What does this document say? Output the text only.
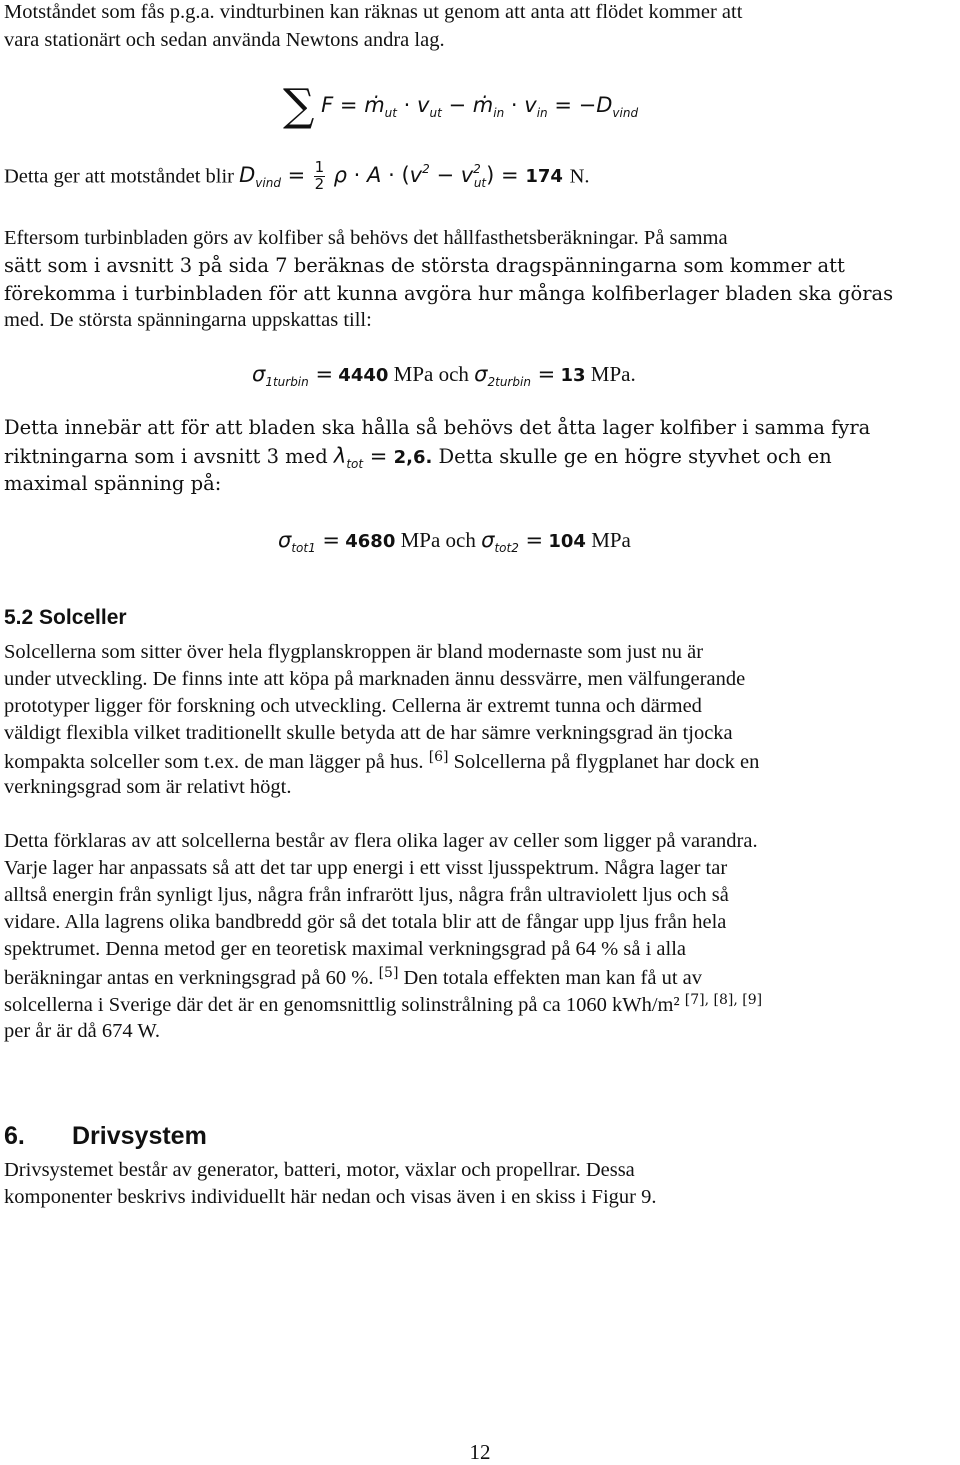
Motståndet som fås p.g.a. vindturbinen kan räknas ut genom att anta att flödet kommer att
vara stationärt och sedan använda Newtons andra lag.
∑ F = ṁ$_{ut}$ · $v_{ut}$ − ṁ$_{in}$ · $v_{in} = -D_{vind}$
Detta ger att motståndet blir $D_{vind} = \frac{1}{2}$ $\rho \cdot A \cdot (v^2 - v^2_{ut}) = 174$ N.
Eftersom turbinbladen görs av kolfiber så behövs det hållfasthetsberäkningar. På samma
sätt som i avsnitt 3 på sida 7 beräknas de största dragspänningarna som kommer att
förekomma i turbinbladen för att kunna avgöra hur många kolfiberlager bladen ska göras
med. De största spänningarna uppskattas till:
$\sigma_{1turbin} = 4440$ MPa och $\sigma_{2turbin} = 13$ MPa.
Detta innebär att för att bladen ska hålla så behövs det åtta lager kolfiber i samma fyra
riktningarna som i avsnitt 3 med $\lambda_{tot} = 2,6$. Detta skulle ge en högre styvhet och en
maximal spänning på:
$\sigma_{tot1} = 4680$ MPa och $\sigma_{tot2} = 104$ MPa
5.2 Solceller
Solcellerna som sitter över hela flygplanskroppen är bland modernaste som just nu är
under utveckling. De finns inte att köpa på marknaden ännu dessvärre, men välfungerande
prototyper ligger för forskning och utveckling. Cellerna är extremt tunna och därmed
väldigt flexibla vilket traditionellt skulle betyda att de har sämre verkningsgrad än tjocka
kompakta solceller som t.ex. de man lägger på hus. [6] Solcellerna på flygplanet har dock en
verkningsgrad som är relativt högt.
Detta förklaras av att solcellerna består av flera olika lager av celler som ligger på varandra.
Varje lager har anpassats så att det tar upp energi i ett visst ljusspektrum. Några lager tar
alltså energin från synligt ljus, några från infrarött ljus, några från ultraviolett ljus och så
vidare. Alla lagrens olika bandbredd gör så det totala blir att de fångar upp ljus från hela
spektrumet. Denna metod ger en teoretisk maximal verkningsgrad på 64 % så i alla
beräkningar antas en verkningsgrad på 60 %. [5] Den totala effekten man kan få ut av
solcellerna i Sverige där det är en genomsnittlig solinstrålning på ca 1060 kWh/m² [7], [8], [9]
per år är då 674 W.
6. Drivsystem
Drivsystemet består av generator, batteri, motor, växlar och propellrar. Dessa
komponenter beskrivs individuellt här nedan och visas även i en skiss i Figur 9.
12
